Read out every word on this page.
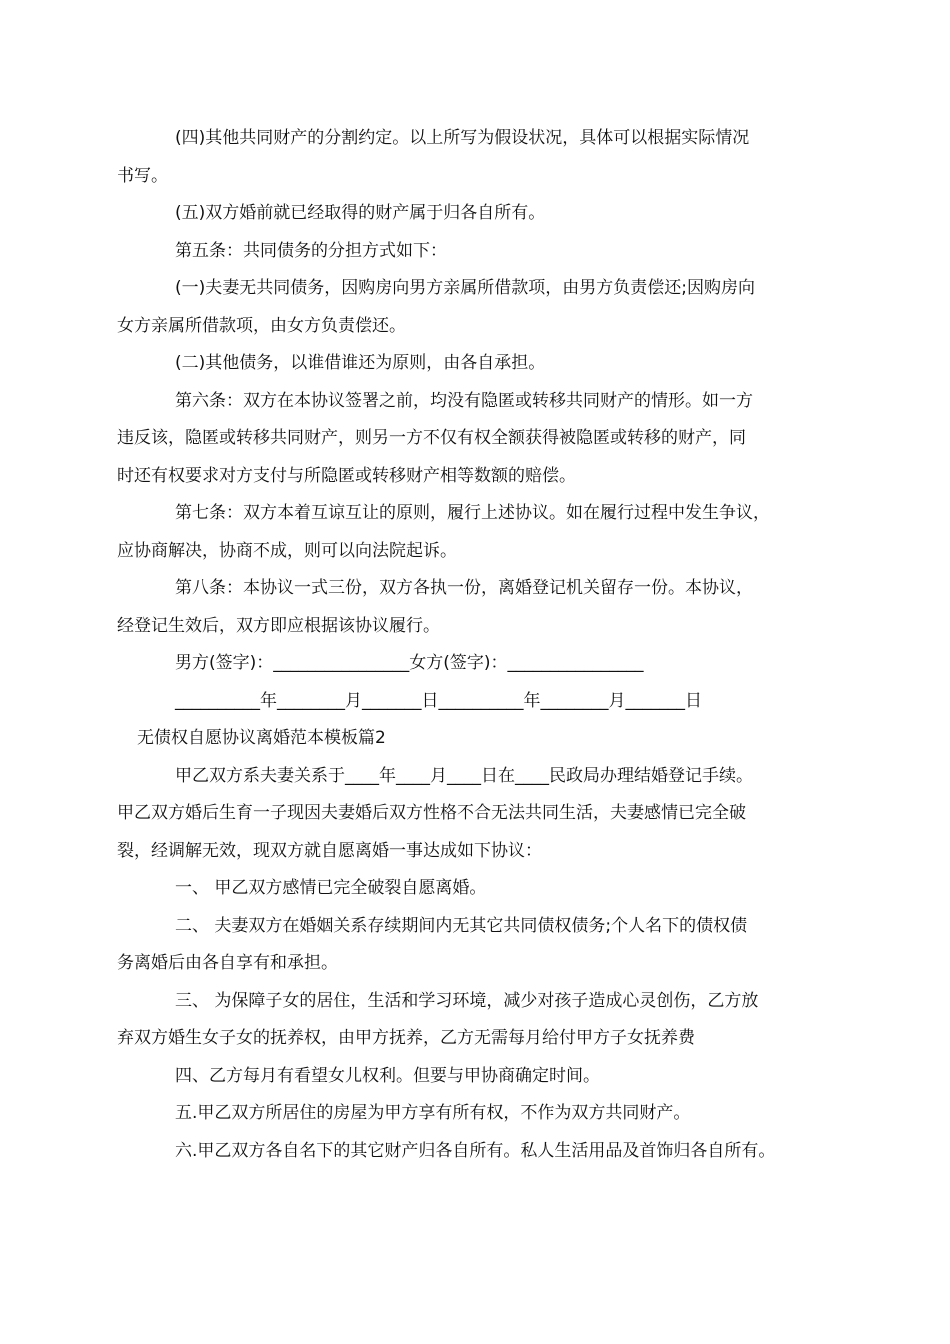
(四)其他共同财产的分割约定。以上所写为假设状况，具体可以根据实际情况

书写。

(五)双方婚前就已经取得的财产属于归各自所有。

第五条：共同债务的分担方式如下：

(一)夫妻无共同债务，因购房向男方亲属所借款项，由男方负责偿还;因购房向

女方亲属所借款项，由女方负责偿还。

(二)其他债务，以谁借谁还为原则，由各自承担。

第六条：双方在本协议签署之前，均没有隐匿或转移共同财产的情形。如一方

违反该，隐匿或转移共同财产，则另一方不仅有权全额获得被隐匿或转移的财产，同

时还有权要求对方支付与所隐匿或转移财产相等数额的赔偿。

第七条：双方本着互谅互让的原则，履行上述协议。如在履行过程中发生争议，

应协商解决，协商不成，则可以向法院起诉。

第八条：本协议一式三份，双方各执一份，离婚登记机关留存一份。本协议，

经登记生效后，双方即应根据该协议履行。

男方(签字)：________________女方(签字)：________________

__________年________月_______日__________年________月_______日

无债权自愿协议离婚范本模板篇2

甲乙双方系夫妻关系于____年____月____日在____民政局办理结婚登记手续。

甲乙双方婚后生育一子现因夫妻婚后双方性格不合无法共同生活，夫妻感情已完全破

裂，经调解无效，现双方就自愿离婚一事达成如下协议：

一、 甲乙双方感情已完全破裂自愿离婚。

二、 夫妻双方在婚姻关系存续期间内无其它共同债权债务;个人名下的债权债

务离婚后由各自享有和承担。

三、 为保障子女的居住，生活和学习环境，减少对孩子造成心灵创伤，乙方放

弃双方婚生女子女的抚养权，由甲方抚养，乙方无需每月给付甲方子女抚养费

四、乙方每月有看望女儿权利。但要与甲协商确定时间。

五.甲乙双方所居住的房屋为甲方享有所有权，不作为双方共同财产。

六.甲乙双方各自名下的其它财产归各自所有。私人生活用品及首饰归各自所有。
